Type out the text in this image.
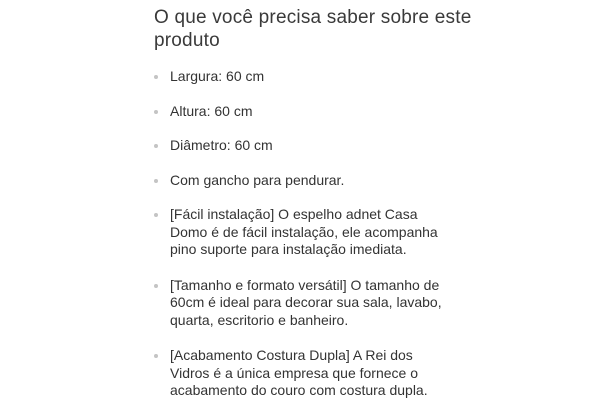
O que você precisa saber sobre este produto
Largura: 60 cm
Altura: 60 cm
Diâmetro: 60 cm
Com gancho para pendurar.
[Fácil instalação] O espelho adnet Casa Domo é de fácil instalação, ele acompanha pino suporte para instalação imediata.
[Tamanho e formato versátil] O tamanho de 60cm é ideal para decorar sua sala, lavabo, quarta, escritorio e banheiro.
[Acabamento Costura Dupla] A Rei dos Vidros é a única empresa que fornece o acabamento do couro com costura dupla.
